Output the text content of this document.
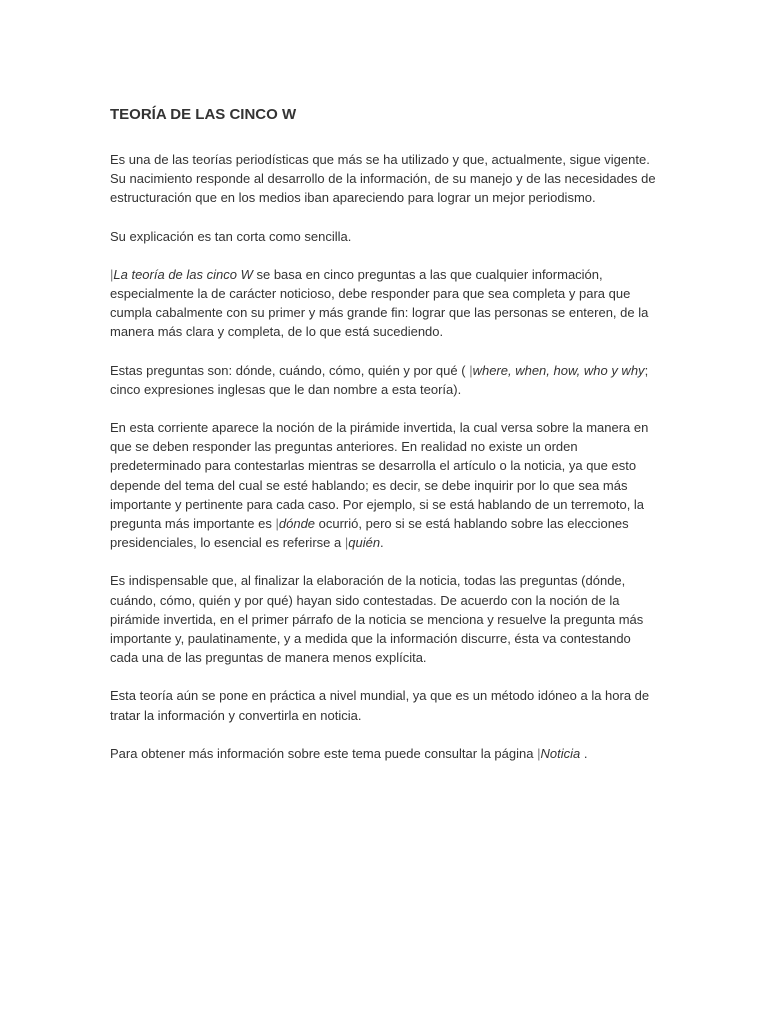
TEORÍA DE LAS CINCO W

Es una de las teorías periodísticas que más se ha utilizado y que, actualmente, sigue vigente. Su nacimiento responde al desarrollo de la información, de su manejo y de las necesidades de estructuración que en los medios iban apareciendo para lograr un mejor periodismo.

Su explicación es tan corta como sencilla.

|La teoría de las cinco W se basa en cinco preguntas a las que cualquier información, especialmente la de carácter noticioso, debe responder para que sea completa y para que cumpla cabalmente con su primer y más grande fin: lograr que las personas se enteren, de la manera más clara y completa, de lo que está sucediendo.

Estas preguntas son: dónde, cuándo, cómo, quién y por qué ( |where, when, how, who y why; cinco expresiones inglesas que le dan nombre a esta teoría).

En esta corriente aparece la noción de la pirámide invertida, la cual versa sobre la manera en que se deben responder las preguntas anteriores. En realidad no existe un orden predeterminado para contestarlas mientras se desarrolla el artículo o la noticia, ya que esto depende del tema del cual se esté hablando; es decir, se debe inquirir por lo que sea más importante y pertinente para cada caso. Por ejemplo, si se está hablando de un terremoto, la pregunta más importante es |dónde ocurrió, pero si se está hablando sobre las elecciones presidenciales, lo esencial es referirse a |quién.

Es indispensable que, al finalizar la elaboración de la noticia, todas las preguntas (dónde, cuándo, cómo, quién y por qué) hayan sido contestadas. De acuerdo con la noción de la pirámide invertida, en el primer párrafo de la noticia se menciona y resuelve la pregunta más importante y, paulatinamente, y a medida que la información discurre, ésta va contestando cada una de las preguntas de manera menos explícita.

Esta teoría aún se pone en práctica a nivel mundial, ya que es un método idóneo a la hora de tratar la información y convertirla en noticia.

Para obtener más información sobre este tema puede consultar la página |Noticia .
